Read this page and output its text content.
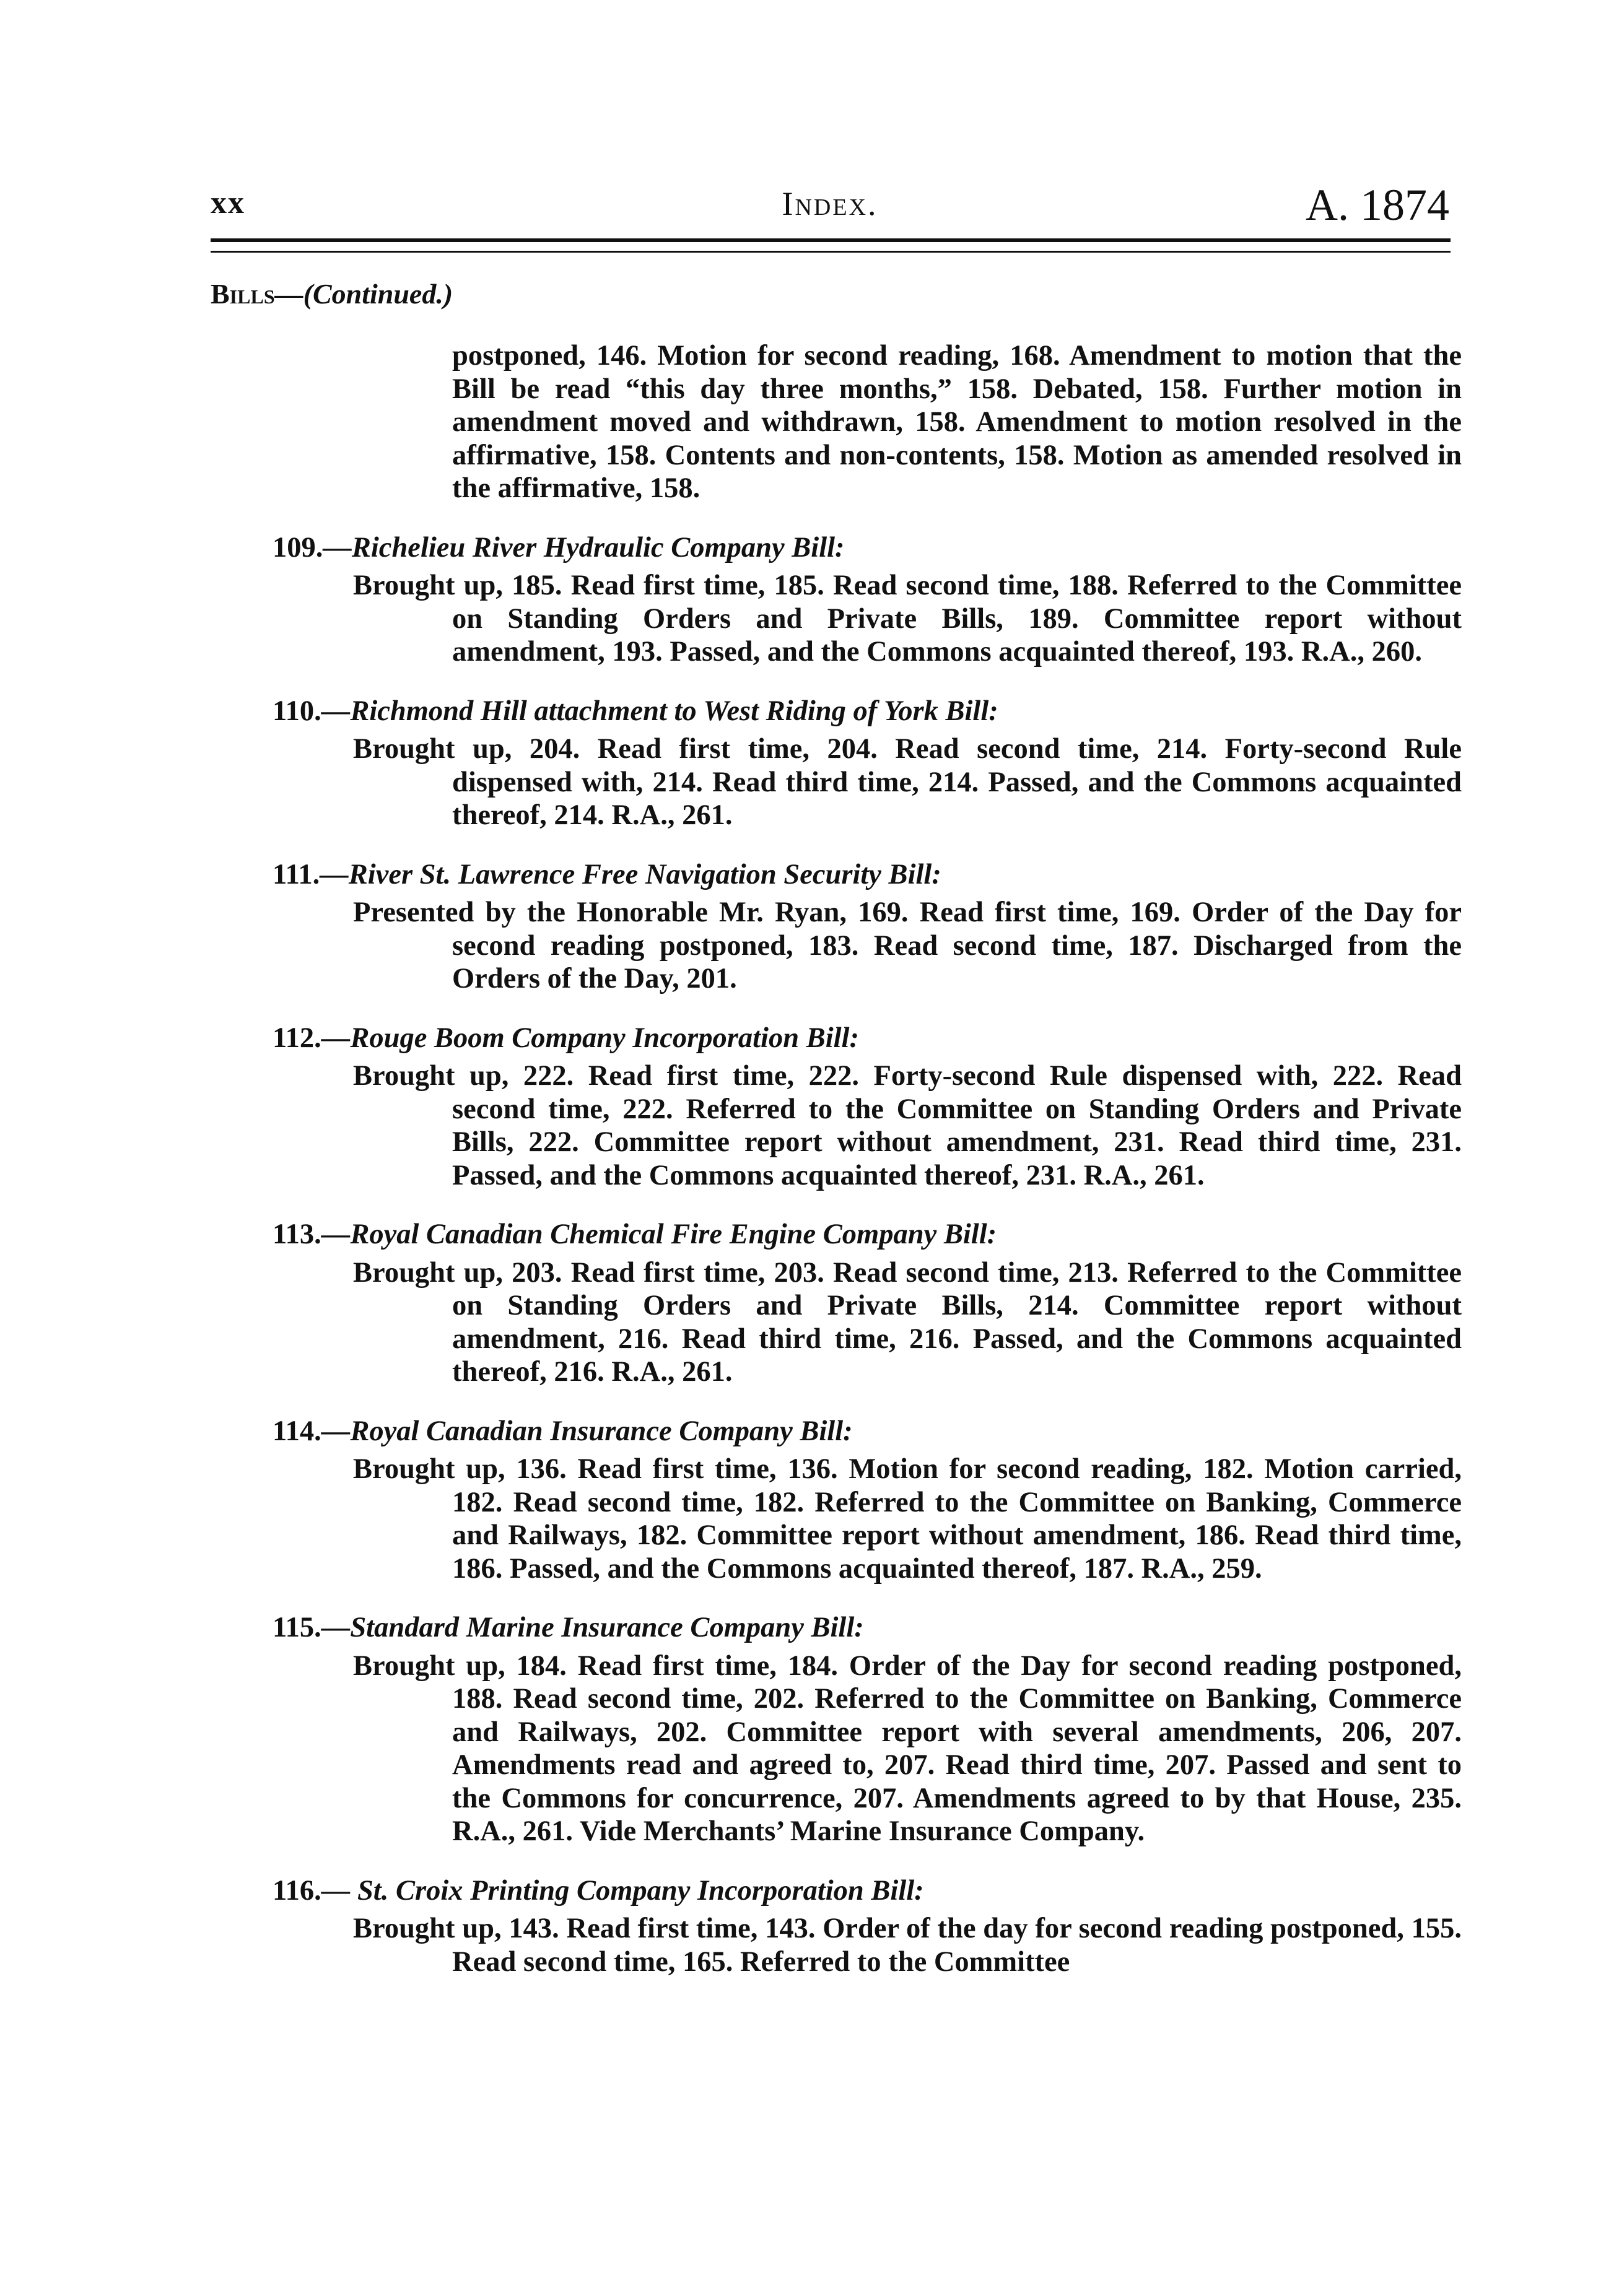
xx	Index.	A. 1874
Bills—(Continued.)
postponed, 146. Motion for second reading, 168. Amendment to motion that the Bill be read “this day three months,” 158. Debated, 158. Further motion in amendment moved and withdrawn, 158. Amendment to motion resolved in the affirmative, 158. Contents and non-contents, 158. Motion as amended resolved in the affirmative, 158.
109.—Richelieu River Hydraulic Company Bill:
Brought up, 185. Read first time, 185. Read second time, 188. Referred to the Committee on Standing Orders and Private Bills, 189. Committee report without amendment, 193. Passed, and the Commons acquainted thereof, 193. R.A., 260.
110.—Richmond Hill attachment to West Riding of York Bill:
Brought up, 204. Read first time, 204. Read second time, 214. Forty-second Rule dispensed with, 214. Read third time, 214. Passed, and the Commons acquainted thereof, 214. R.A., 261.
111.—River St. Lawrence Free Navigation Security Bill:
Presented by the Honorable Mr. Ryan, 169. Read first time, 169. Order of the Day for second reading postponed, 183. Read second time, 187. Discharged from the Orders of the Day, 201.
112.—Rouge Boom Company Incorporation Bill:
Brought up, 222. Read first time, 222. Forty-second Rule dispensed with, 222. Read second time, 222. Referred to the Committee on Standing Orders and Private Bills, 222. Committee report without amendment, 231. Read third time, 231. Passed, and the Commons acquainted thereof, 231. R.A., 261.
113.—Royal Canadian Chemical Fire Engine Company Bill:
Brought up, 203. Read first time, 203. Read second time, 213. Referred to the Committee on Standing Orders and Private Bills, 214. Committee report without amendment, 216. Read third time, 216. Passed, and the Commons acquainted thereof, 216. R.A., 261.
114.—Royal Canadian Insurance Company Bill:
Brought up, 136. Read first time, 136. Motion for second reading, 182. Motion carried, 182. Read second time, 182. Referred to the Committee on Banking, Commerce and Railways, 182. Committee report without amendment, 186. Read third time, 186. Passed, and the Commons acquainted thereof, 187. R.A., 259.
115.—Standard Marine Insurance Company Bill:
Brought up, 184. Read first time, 184. Order of the Day for second reading postponed, 188. Read second time, 202. Referred to the Committee on Banking, Commerce and Railways, 202. Committee report with several amendments, 206, 207. Amendments read and agreed to, 207. Read third time, 207. Passed and sent to the Commons for concurrence, 207. Amendments agreed to by that House, 235. R.A., 261. Vide Merchants’ Marine Insurance Company.
116.— St. Croix Printing Company Incorporation Bill:
Brought up, 143. Read first time, 143. Order of the day for second reading postponed, 155. Read second time, 165. Referred to the Committee
